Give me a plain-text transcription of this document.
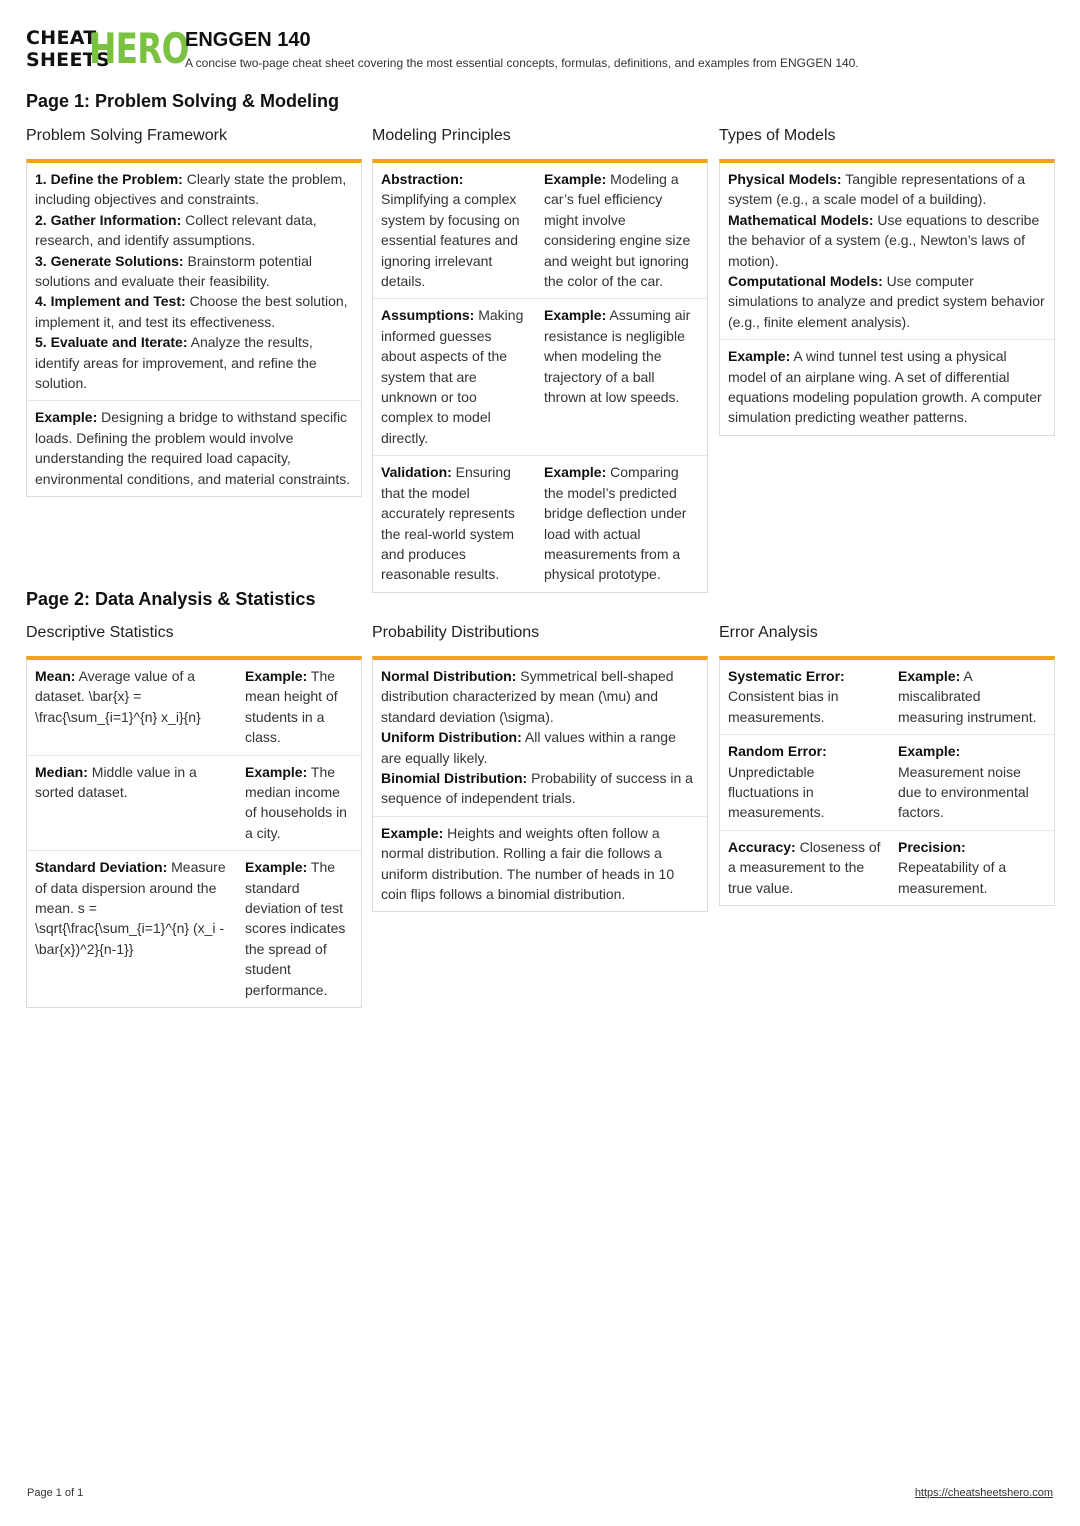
CHEAT
SHEETS
HERO
ENGGEN 140
A concise two-page cheat sheet covering the most essential concepts, formulas, definitions, and examples from ENGGEN 140.
Page 1: Problem Solving & Modeling
Problem Solving Framework
1. Define the Problem: Clearly state the problem, including objectives and constraints.
2. Gather Information: Collect relevant data, research, and identify assumptions.
3. Generate Solutions: Brainstorm potential solutions and evaluate their feasibility.
4. Implement and Test: Choose the best solution, implement it, and test its effectiveness.
5. Evaluate and Iterate: Analyze the results, identify areas for improvement, and refine the solution.
Example: Designing a bridge to withstand specific loads. Defining the problem would involve understanding the required load capacity, environmental conditions, and material constraints.
Modeling Principles
Abstraction: Simplifying a complex system by focusing on essential features and ignoring irrelevant details.
Example: Modeling a car’s fuel efficiency might involve considering engine size and weight but ignoring the color of the car.
Assumptions: Making informed guesses about aspects of the system that are unknown or too complex to model directly.
Example: Assuming air resistance is negligible when modeling the trajectory of a ball thrown at low speeds.
Validation: Ensuring that the model accurately represents the real-world system and produces reasonable results.
Example: Comparing the model’s predicted bridge deflection under load with actual measurements from a physical prototype.
Types of Models
Physical Models: Tangible representations of a system (e.g., a scale model of a building).
Mathematical Models: Use equations to describe the behavior of a system (e.g., Newton’s laws of motion).
Computational Models: Use computer simulations to analyze and predict system behavior (e.g., finite element analysis).
Example: A wind tunnel test using a physical model of an airplane wing. A set of differential equations modeling population growth. A computer simulation predicting weather patterns.
Page 2: Data Analysis & Statistics
Descriptive Statistics
Mean: Average value of a dataset. \bar{x} = \frac{\sum_{i=1}^{n} x_i}{n}
Example: The mean height of students in a class.
Median: Middle value in a sorted dataset.
Example: The median income of households in a city.
Standard Deviation: Measure of data dispersion around the mean. s = \sqrt{\frac{\sum_{i=1}^{n} (x_i - \bar{x})^2}{n-1}}
Example: The standard deviation of test scores indicates the spread of student performance.
Probability Distributions
Normal Distribution: Symmetrical bell-shaped distribution characterized by mean (\mu) and standard deviation (\sigma).
Uniform Distribution: All values within a range are equally likely.
Binomial Distribution: Probability of success in a sequence of independent trials.
Example: Heights and weights often follow a normal distribution. Rolling a fair die follows a uniform distribution. The number of heads in 10 coin flips follows a binomial distribution.
Error Analysis
Systematic Error: Consistent bias in measurements.
Example: A miscalibrated measuring instrument.
Random Error: Unpredictable fluctuations in measurements.
Example: Measurement noise due to environmental factors.
Accuracy: Closeness of a measurement to the true value.
Precision: Repeatability of a measurement.
Page 1 of 1	https://cheatsheetshero.com
